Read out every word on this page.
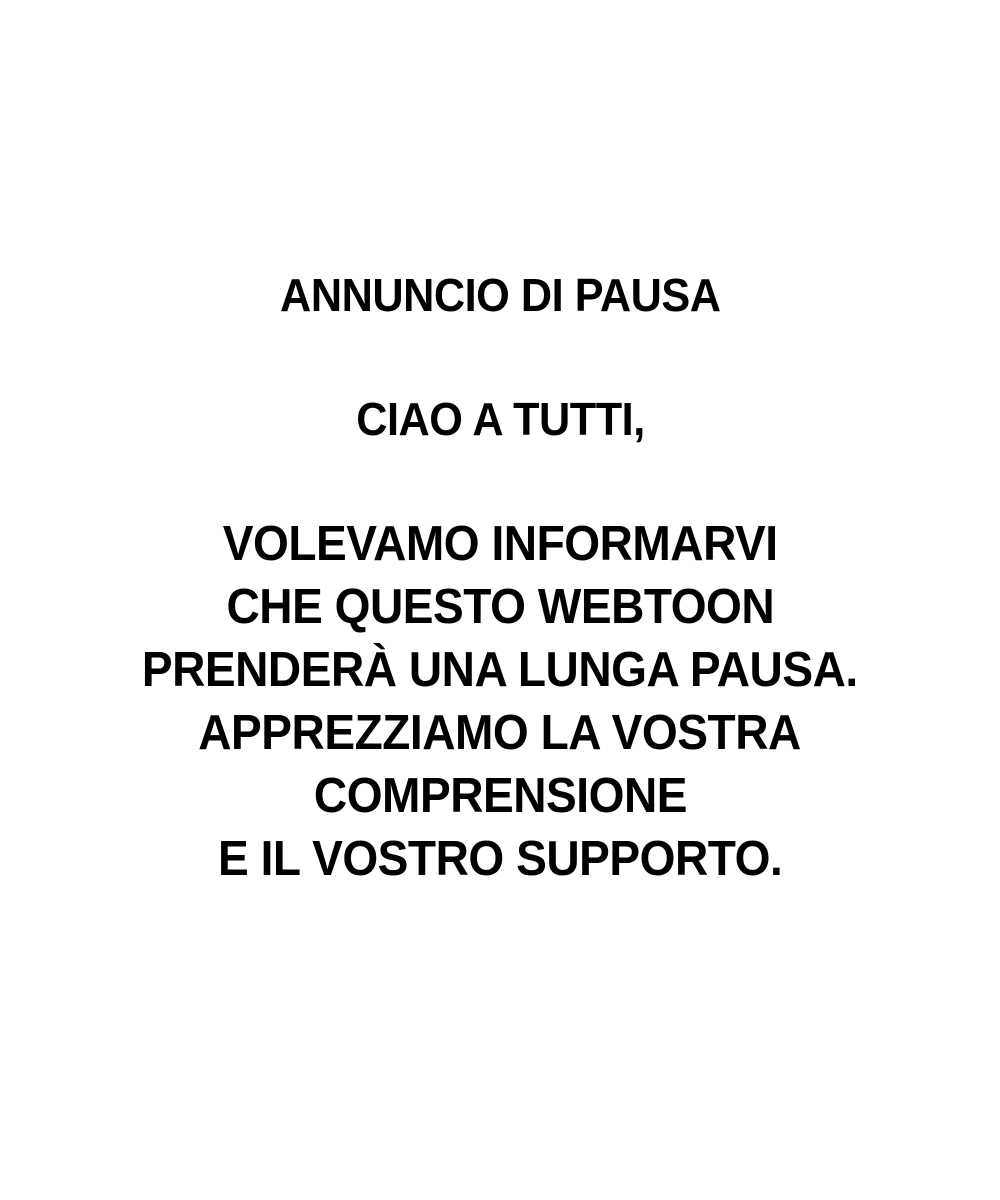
ANNUNCIO DI PAUSA
CIAO A TUTTI,
VOLEVAMO INFORMARVI
CHE QUESTO WEBTOON
PRENDERÀ UNA LUNGA PAUSA.
APPREZZIAMO LA VOSTRA
COMPRENSIONE
E IL VOSTRO SUPPORTO.
